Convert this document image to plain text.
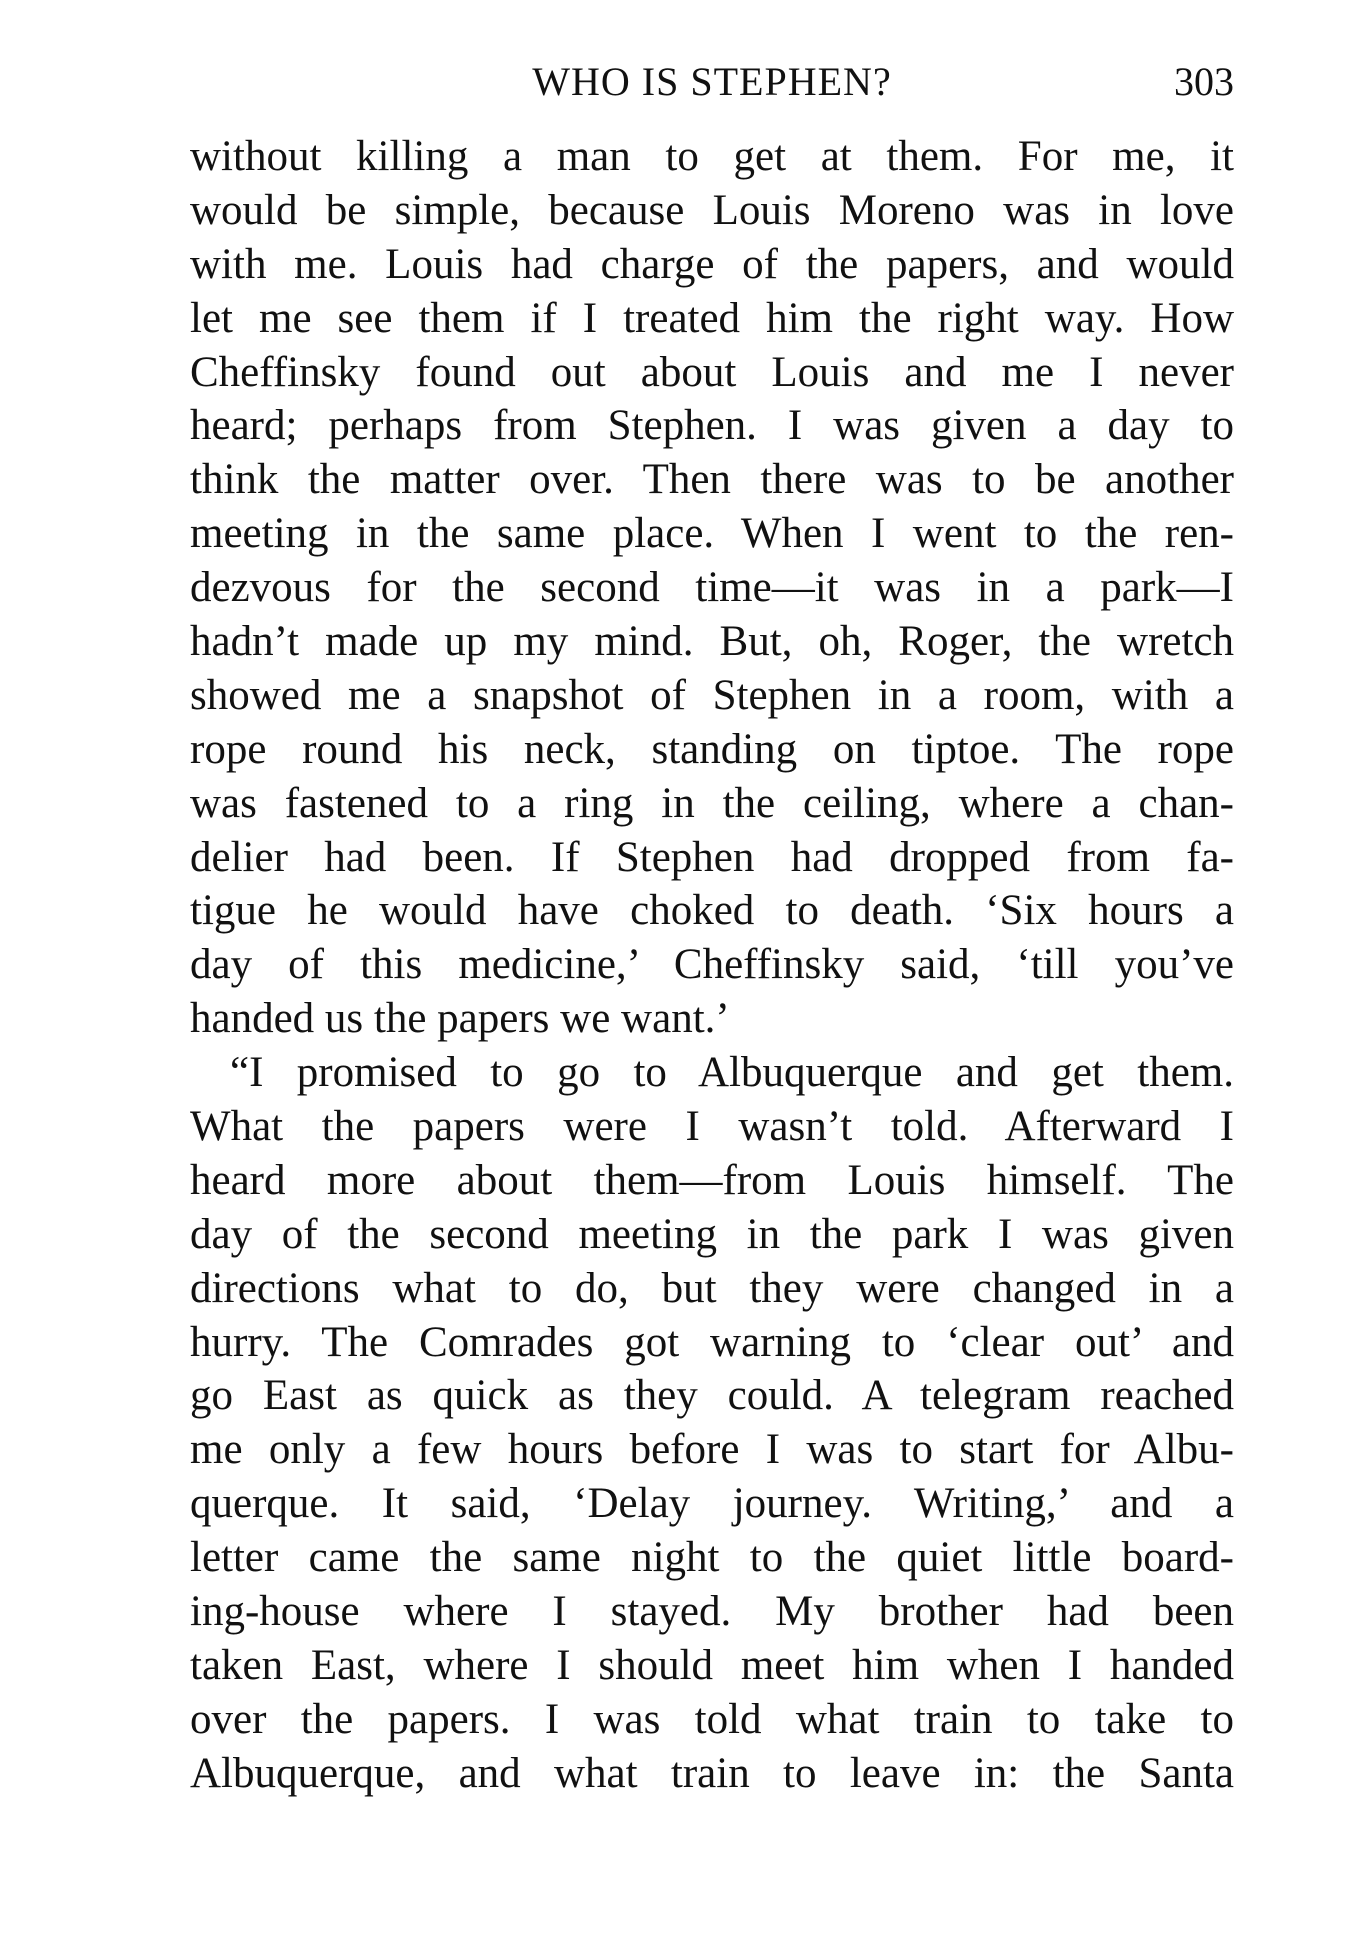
WHO IS STEPHEN?	303
without killing a man to get at them. For me, it
would be simple, because Louis Moreno was in love
with me. Louis had charge of the papers, and would
let me see them if I treated him the right way. How
Cheffinsky found out about Louis and me I never
heard; perhaps from Stephen. I was given a day to
think the matter over. Then there was to be another
meeting in the same place. When I went to the ren-
dezvous for the second time—it was in a park—I
hadn’t made up my mind. But, oh, Roger, the wretch
showed me a snapshot of Stephen in a room, with a
rope round his neck, standing on tiptoe. The rope
was fastened to a ring in the ceiling, where a chan-
delier had been. If Stephen had dropped from fa-
tigue he would have choked to death. ‘Six hours a
day of this medicine,’ Cheffinsky said, ‘till you’ve
handed us the papers we want.’
“I promised to go to Albuquerque and get them.
What the papers were I wasn’t told. Afterward I
heard more about them—from Louis himself. The
day of the second meeting in the park I was given
directions what to do, but they were changed in a
hurry. The Comrades got warning to ‘clear out’ and
go East as quick as they could. A telegram reached
me only a few hours before I was to start for Albu-
querque. It said, ‘Delay journey. Writing,’ and a
letter came the same night to the quiet little board-
ing-house where I stayed. My brother had been
taken East, where I should meet him when I handed
over the papers. I was told what train to take to
Albuquerque, and what train to leave in: the Santa
